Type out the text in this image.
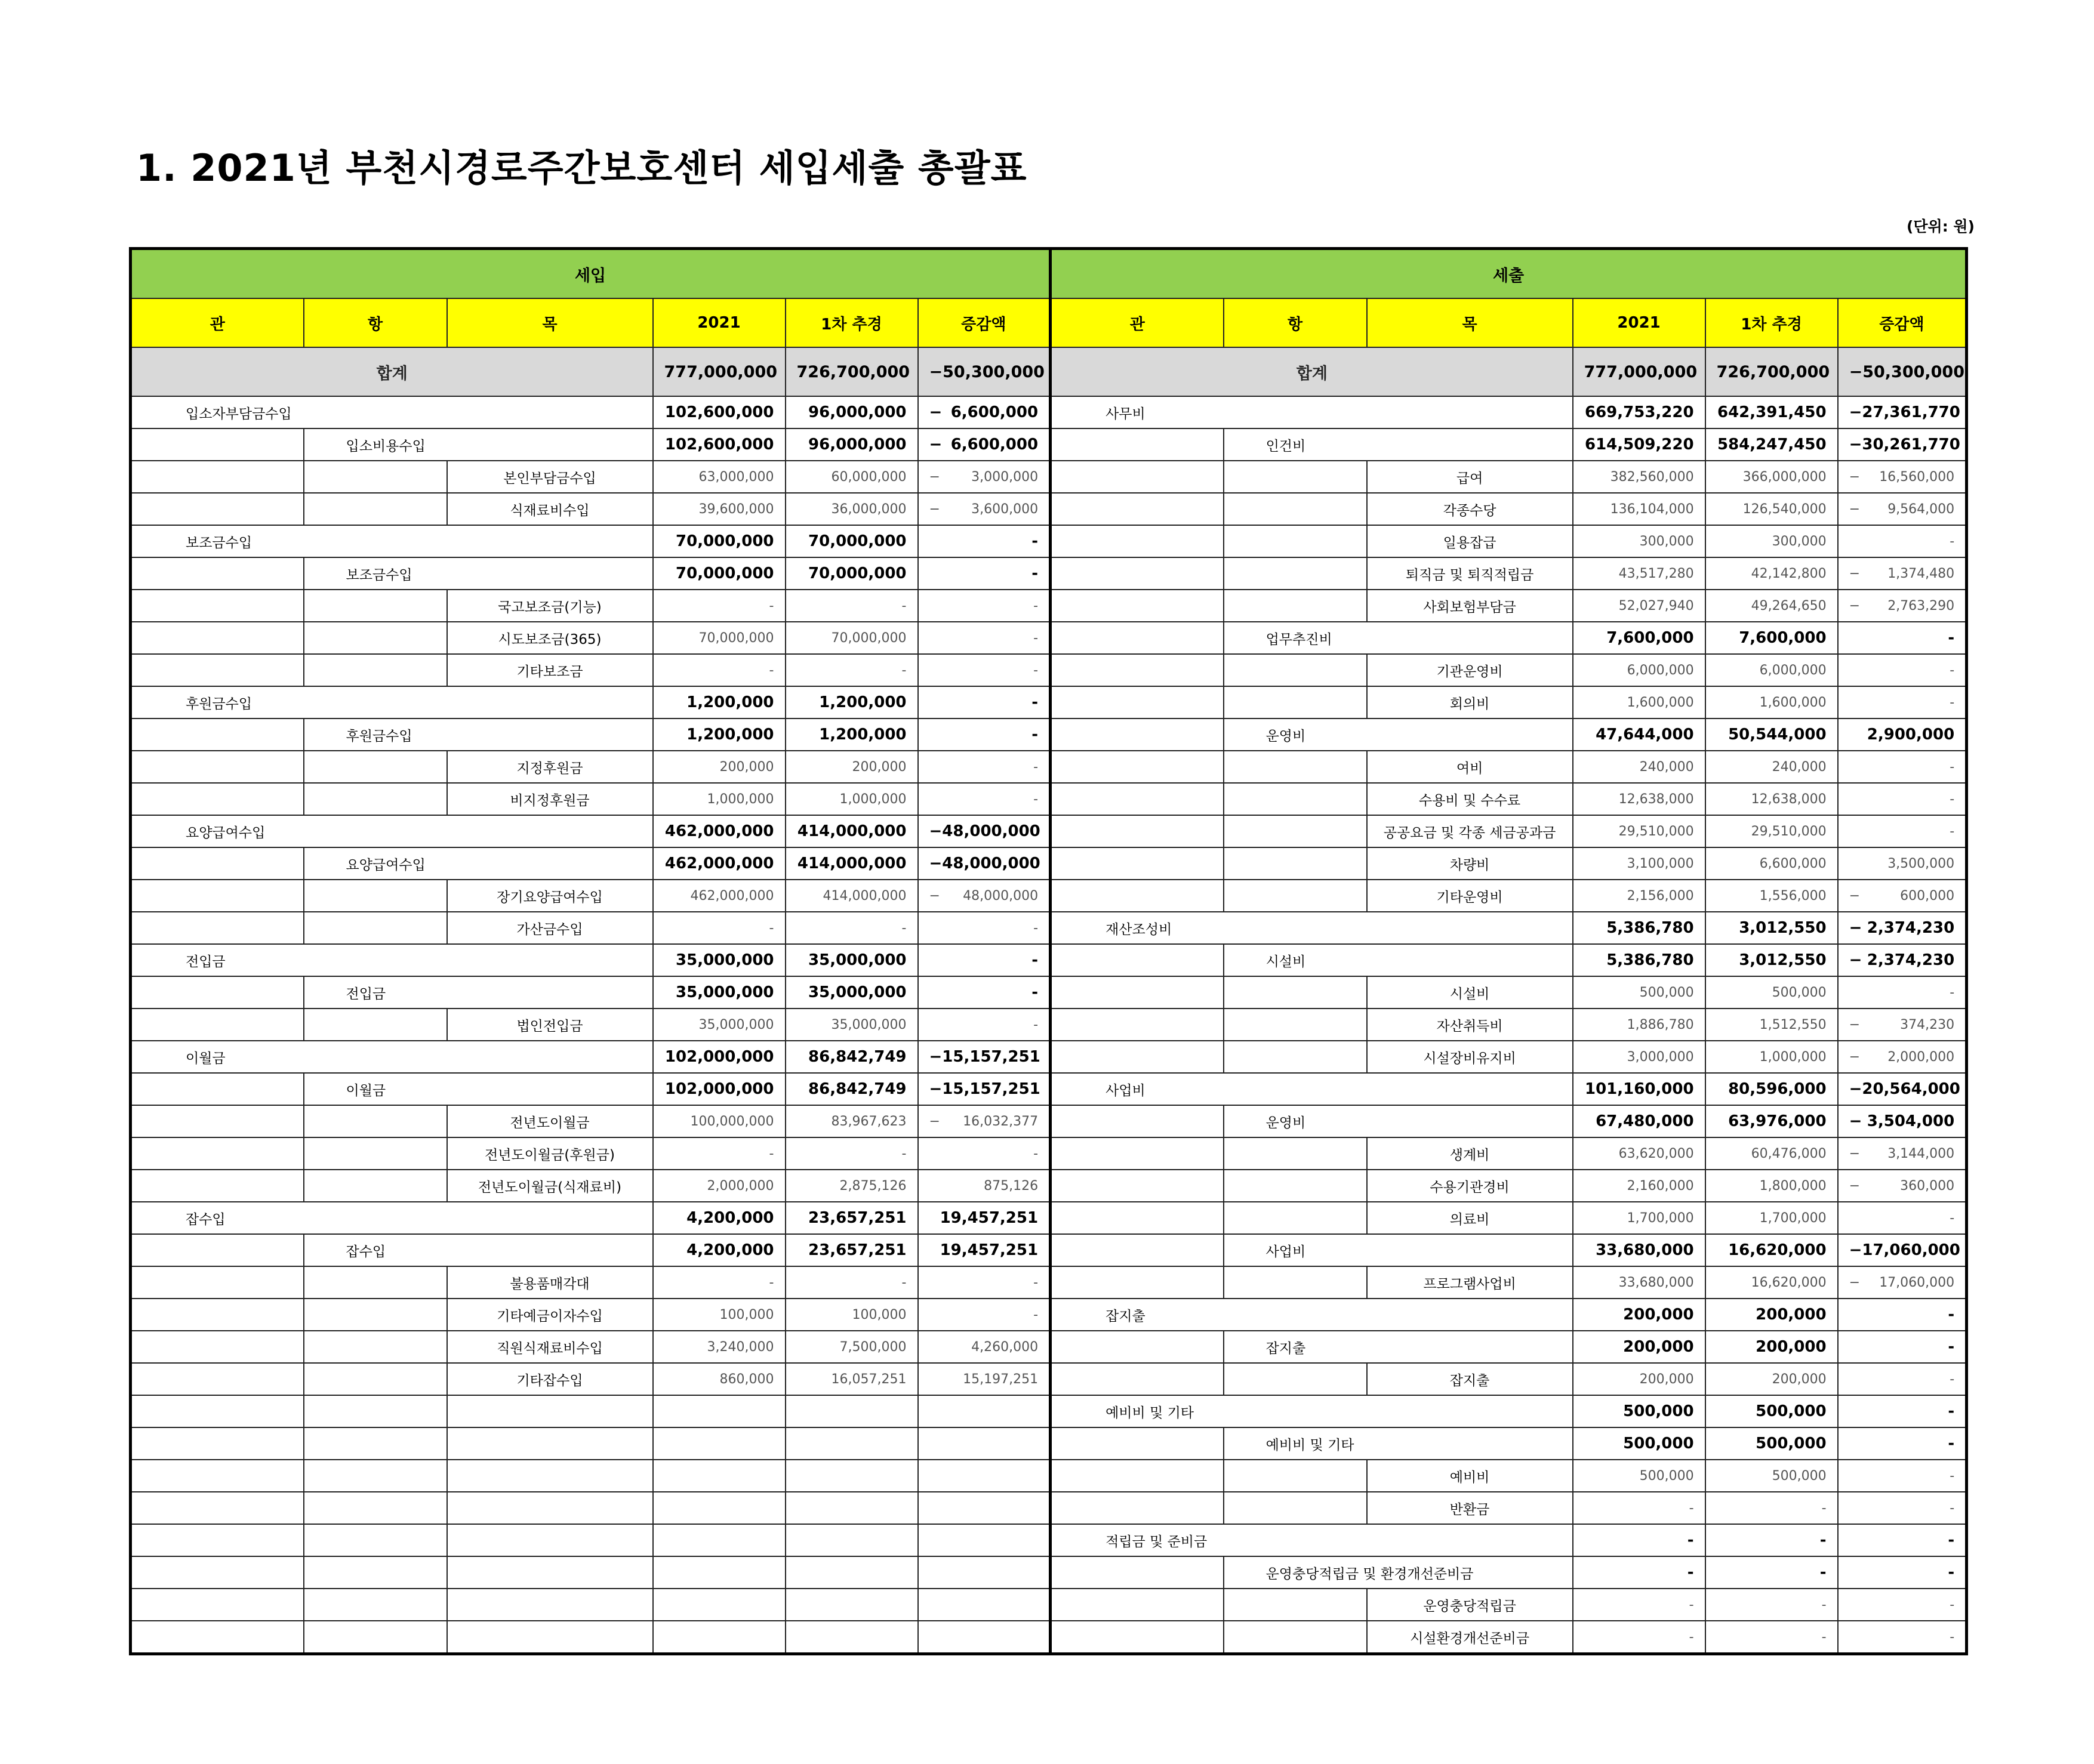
1. 2021년 부천시경로주간보호센터 세입세출 총괄표
(단위: 원)
세입						세출					
관	항	목	2021	1차 추경	증감액	관	항	목	2021	1차 추경	증감액
합계			777,000,000	726,700,000	− 50,300,000	합계			777,000,000	726,700,000	− 50,300,000
입소자부담금수입			102,600,000	96,000,000	− 6,600,000	사무비			669,753,220	642,391,450	− 27,361,770
	입소비용수입		102,600,000	96,000,000	− 6,600,000		인건비		614,509,220	584,247,450	− 30,261,770
		본인부담금수입	63,000,000	60,000,000	− 3,000,000			급여	382,560,000	366,000,000	− 16,560,000
		식재료비수입	39,600,000	36,000,000	− 3,600,000			각종수당	136,104,000	126,540,000	− 9,564,000
보조금수입			70,000,000	70,000,000	-			일용잡급	300,000	300,000	-
	보조금수입		70,000,000	70,000,000	-			퇴직금 및 퇴직적립금	43,517,280	42,142,800	− 1,374,480
		국고보조금(기능)	-	-	-			사회보험부담금	52,027,940	49,264,650	− 2,763,290
		시도보조금(365)	70,000,000	70,000,000	-		업무추진비		7,600,000	7,600,000	-
		기타보조금	-	-	-			기관운영비	6,000,000	6,000,000	-
후원금수입			1,200,000	1,200,000	-			회의비	1,600,000	1,600,000	-
	후원금수입		1,200,000	1,200,000	-		운영비		47,644,000	50,544,000	2,900,000
		지정후원금	200,000	200,000	-			여비	240,000	240,000	-
		비지정후원금	1,000,000	1,000,000	-			수용비 및 수수료	12,638,000	12,638,000	-
요양급여수입			462,000,000	414,000,000	− 48,000,000			공공요금 및 각종 세금공과금	29,510,000	29,510,000	-
	요양급여수입		462,000,000	414,000,000	− 48,000,000			차량비	3,100,000	6,600,000	3,500,000
		장기요양급여수입	462,000,000	414,000,000	− 48,000,000			기타운영비	2,156,000	1,556,000	− 600,000
		가산금수입	-	-	-	재산조성비			5,386,780	3,012,550	− 2,374,230
전입금			35,000,000	35,000,000	-		시설비		5,386,780	3,012,550	− 2,374,230
	전입금		35,000,000	35,000,000	-			시설비	500,000	500,000	-
		법인전입금	35,000,000	35,000,000	-			자산취득비	1,886,780	1,512,550	− 374,230
이월금			102,000,000	86,842,749	− 15,157,251			시설장비유지비	3,000,000	1,000,000	− 2,000,000
	이월금		102,000,000	86,842,749	− 15,157,251	사업비			101,160,000	80,596,000	− 20,564,000
		전년도이월금	100,000,000	83,967,623	− 16,032,377		운영비		67,480,000	63,976,000	− 3,504,000
		전년도이월금(후원금)	-	-	-			생계비	63,620,000	60,476,000	− 3,144,000
		전년도이월금(식재료비)	2,000,000	2,875,126	875,126			수용기관경비	2,160,000	1,800,000	− 360,000
잡수입			4,200,000	23,657,251	19,457,251			의료비	1,700,000	1,700,000	-
	잡수입		4,200,000	23,657,251	19,457,251		사업비		33,680,000	16,620,000	− 17,060,000
		불용품매각대	-	-	-			프로그램사업비	33,680,000	16,620,000	− 17,060,000
		기타예금이자수입	100,000	100,000	-	잡지출			200,000	200,000	-
		직원식재료비수입	3,240,000	7,500,000	4,260,000		잡지출		200,000	200,000	-
		기타잡수입	860,000	16,057,251	15,197,251			잡지출	200,000	200,000	-
						예비비 및 기타			500,000	500,000	-
							예비비 및 기타		500,000	500,000	-
								예비비	500,000	500,000	-
								반환금	-	-	-
						적립금 및 준비금			-	-	-
							운영충당적립금 및 환경개선준비금		-	-	-
								운영충당적립금	-	-	-
								시설환경개선준비금	-	-	-
